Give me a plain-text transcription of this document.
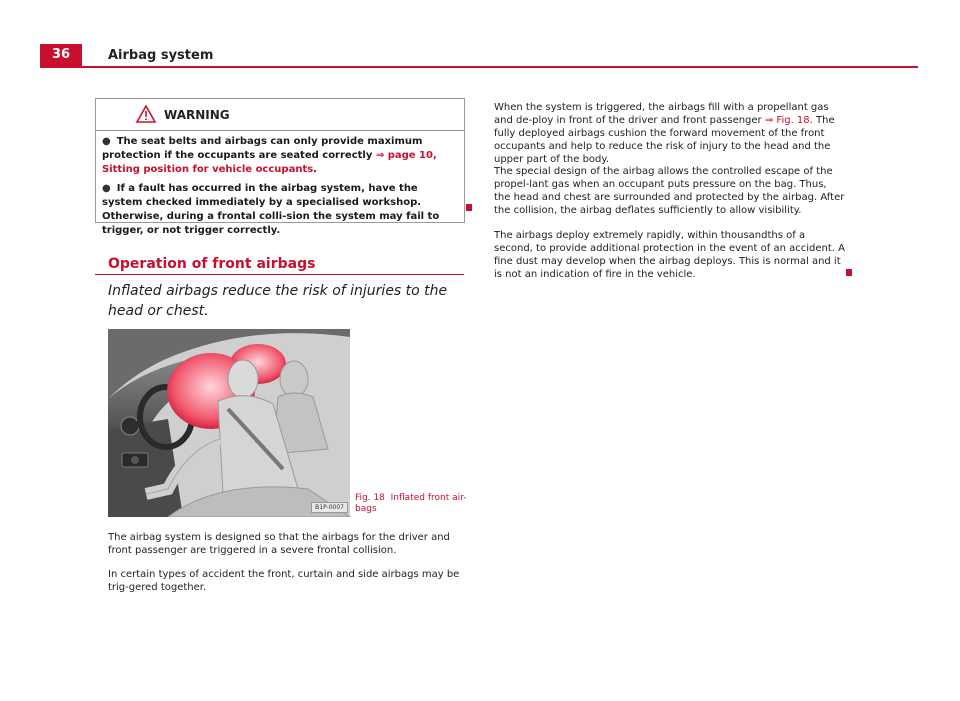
36	Airbag system
WARNING
● The seat belts and airbags can only provide maximum protection if the occupants are seated correctly ⇒ page 10, Sitting position for vehicle occupants.
● If a fault has occurred in the airbag system, have the system checked immediately by a specialised workshop. Otherwise, during a frontal colli-sion the system may fail to trigger, or not trigger correctly.
Operation of front airbags
Inflated airbags reduce the risk of injuries to the head or chest.
B1P-0007
Fig. 18 Inflated front air-bags
The airbag system is designed so that the airbags for the driver and front passenger are triggered in a severe frontal collision.
In certain types of accident the front, curtain and side airbags may be trig-gered together.
When the system is triggered, the airbags fill with a propellant gas and de-ploy in front of the driver and front passenger ⇒ Fig. 18. The fully deployed airbags cushion the forward movement of the front occupants and help to reduce the risk of injury to the head and the upper part of the body.
The special design of the airbag allows the controlled escape of the propel-lant gas when an occupant puts pressure on the bag. Thus, the head and chest are surrounded and protected by the airbag. After the collision, the airbag deflates sufficiently to allow visibility.
The airbags deploy extremely rapidly, within thousandths of a second, to provide additional protection in the event of an accident. A fine dust may develop when the airbag deploys. This is normal and it is not an indication of fire in the vehicle.
